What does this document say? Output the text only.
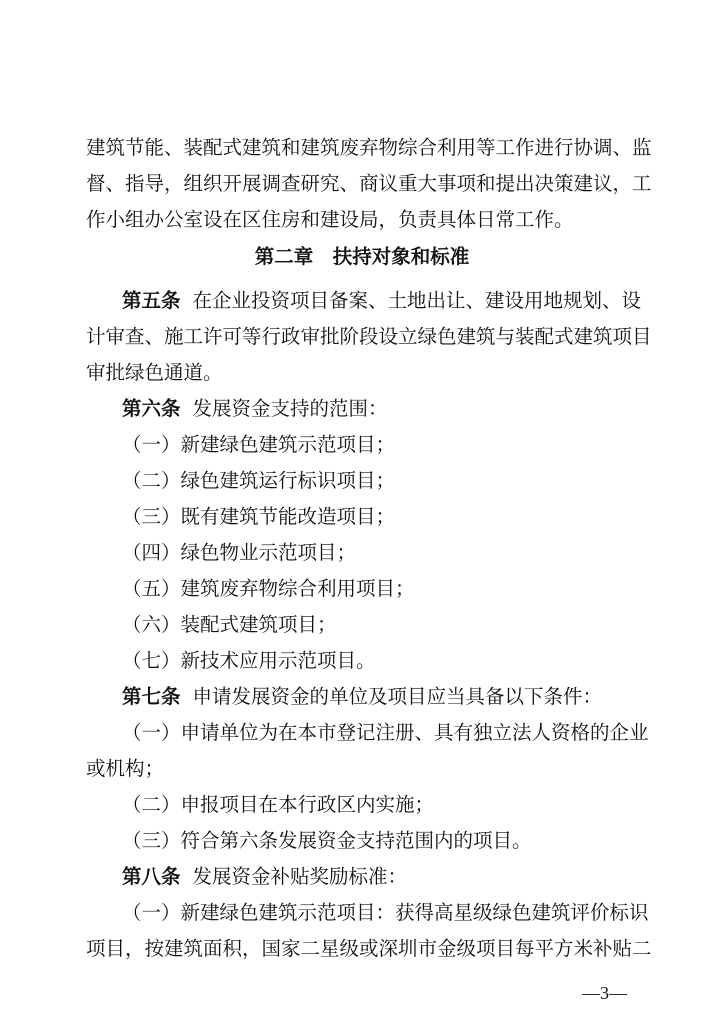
建筑节能、装配式建筑和建筑废弃物综合利用等工作进行协调、监
督、指导，组织开展调查研究、商议重大事项和提出决策建议，工
作小组办公室设在区住房和建设局，负责具体日常工作。
第二章　扶持对象和标准
第五条 在企业投资项目备案、土地出让、建设用地规划、设
计审查、施工许可等行政审批阶段设立绿色建筑与装配式建筑项目
审批绿色通道。
第六条 发展资金支持的范围：
（一）新建绿色建筑示范项目；
（二）绿色建筑运行标识项目；
（三）既有建筑节能改造项目；
（四）绿色物业示范项目；
（五）建筑废弃物综合利用项目；
（六）装配式建筑项目；
（七）新技术应用示范项目。
第七条 申请发展资金的单位及项目应当具备以下条件：
（一）申请单位为在本市登记注册、具有独立法人资格的企业
或机构；
（二）申报项目在本行政区内实施；
（三）符合第六条发展资金支持范围内的项目。
第八条 发展资金补贴奖励标准：
（一）新建绿色建筑示范项目：获得高星级绿色建筑评价标识
项目，按建筑面积，国家二星级或深圳市金级项目每平方米补贴二
—3—
